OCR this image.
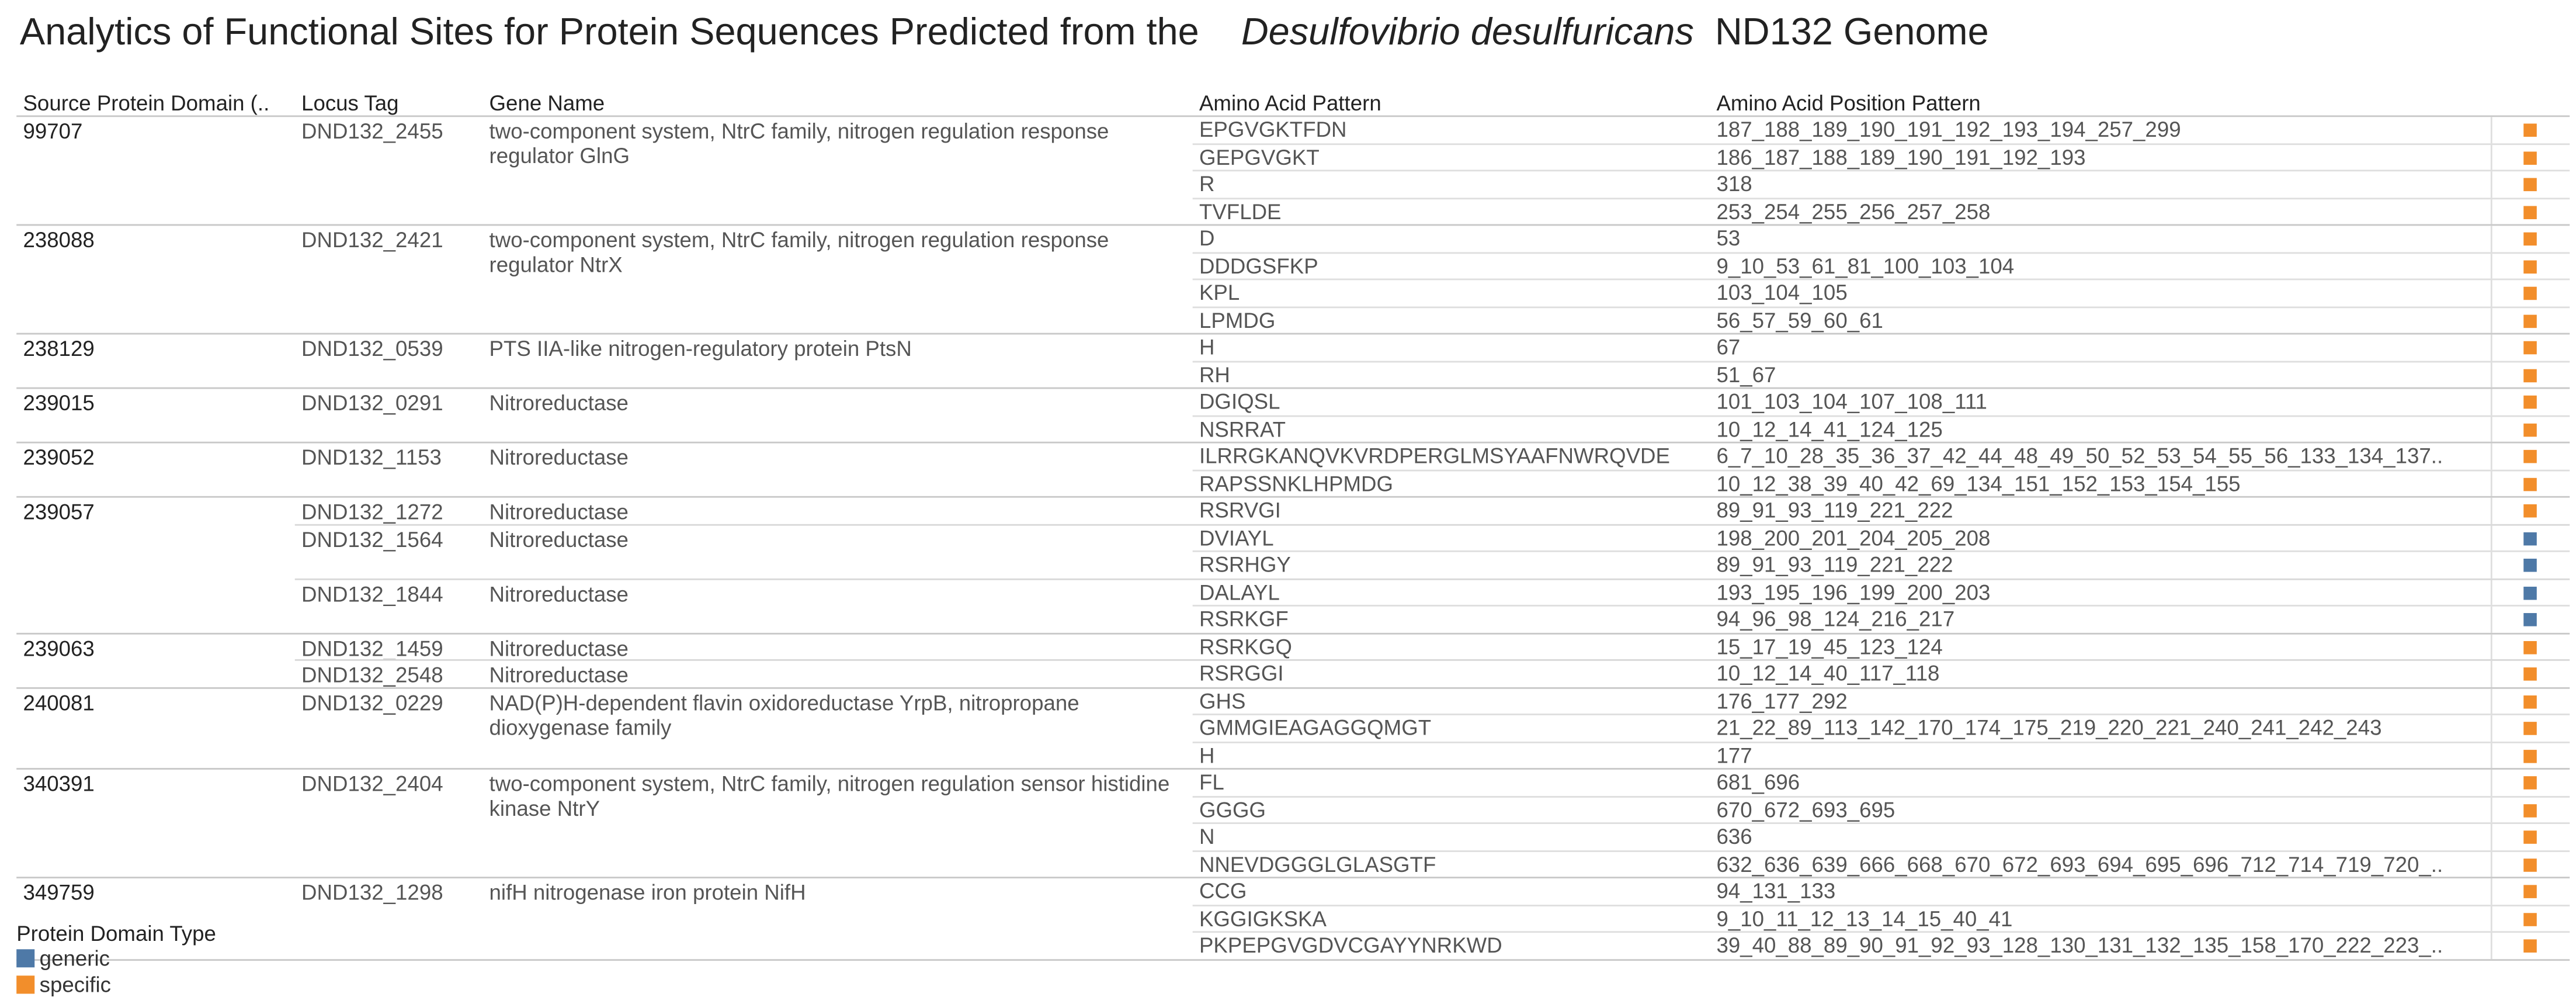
Analytics of Functional Sites for Protein Sequences Predicted from the	Desulfovibrio desulfuricans ND132 Genome
Source Protein Domain (..	Locus Tag	Gene Name	Amino Acid Pattern	Amino Acid Position Pattern
99707	DND132_2455	two-component system, NtrC family, nitrogen regulation response regulator GlnG
EPGVGKTFDN	187_188_189_190_191_192_193_194_257_299
GEPGVGKT	186_187_188_189_190_191_192_193
R	318
TVFLDE	253_254_255_256_257_258
238088	DND132_2421	two-component system, NtrC family, nitrogen regulation response regulator NtrX
D	53
DDDGSFKP	9_10_53_61_81_100_103_104
KPL	103_104_105
LPMDG	56_57_59_60_61
238129	DND132_0539	PTS IIA-like nitrogen-regulatory protein PtsN	H	67
RH	51_67
239015	DND132_0291	Nitroreductase	DGIQSL	101_103_104_107_108_111
NSRRAT	10_12_14_41_124_125
239052	DND132_1153	Nitroreductase	ILRRGKANQVKVRDPERGLMSYAAFNWRQVDE	6_7_10_28_35_36_37_42_44_48_49_50_52_53_54_55_56_133_134_137..
RAPSSNKLHPMDG	10_12_38_39_40_42_69_134_151_152_153_154_155
239057	DND132_1272	Nitroreductase	RSRVGI	89_91_93_119_221_222
DND132_1564	Nitroreductase	DVIAYL	198_200_201_204_205_208
RSRHGY	89_91_93_119_221_222
DND132_1844	Nitroreductase	DALAYL	193_195_196_199_200_203
RSRKGF	94_96_98_124_216_217
239063	DND132_1459	Nitroreductase	RSRKGQ	15_17_19_45_123_124
DND132_2548	Nitroreductase	RSRGGI	10_12_14_40_117_118
240081	DND132_0229	NAD(P)H-dependent flavin oxidoreductase YrpB, nitropropane dioxygenase family
GHS	176_177_292
GMMGIEAGAGGQMGT	21_22_89_113_142_170_174_175_219_220_221_240_241_242_243
H	177
340391	DND132_2404	two-component system, NtrC family, nitrogen regulation sensor histidine kinase NtrY
FL	681_696
GGGG	670_672_693_695
N	636
NNEVDGGGLGLASGTF	632_636_639_666_668_670_672_693_694_695_696_712_714_719_720_..
349759	DND132_1298	nifH nitrogenase iron protein NifH	CCG	94_131_133
KGGIGKSKA	9_10_11_12_13_14_15_40_41
PKPEPGVGDVCGAYYNRKWD	39_40_88_89_90_91_92_93_128_130_131_132_135_158_170_222_223_..
Protein Domain Type
generic
specific
